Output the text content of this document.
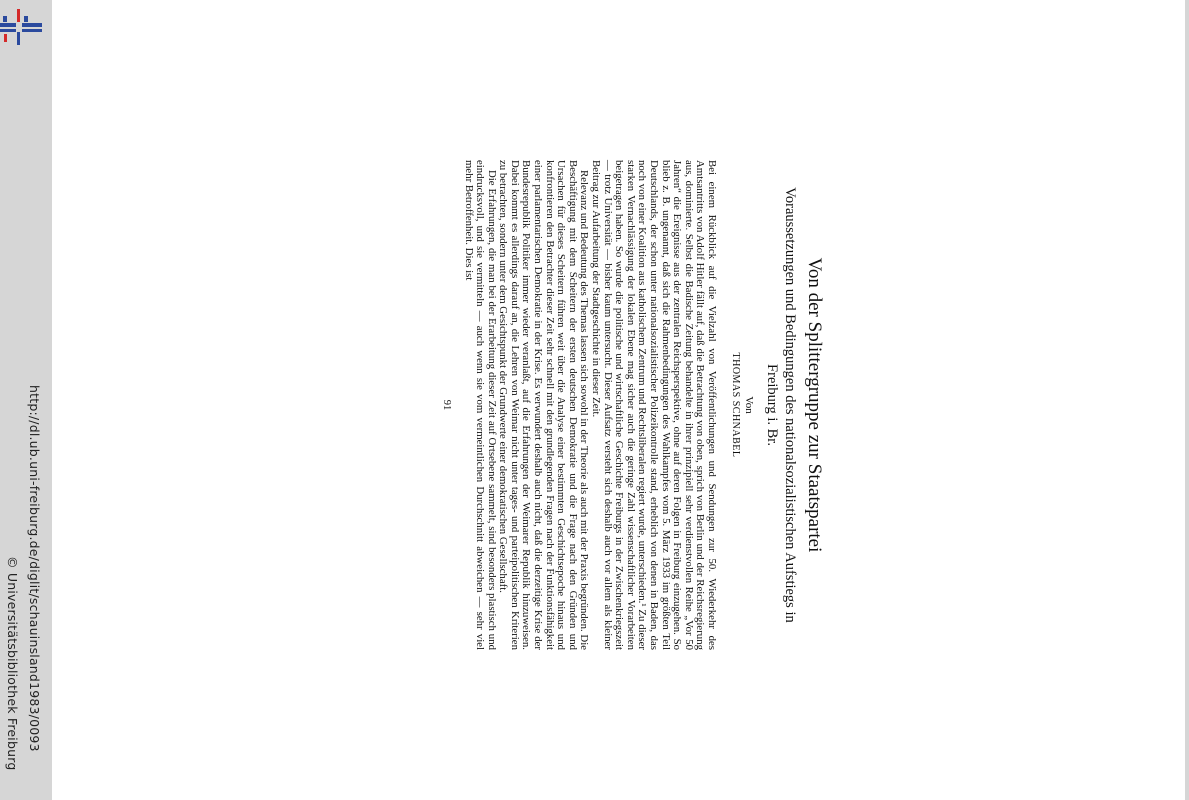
http://dl.ub.uni-freiburg.de/diglit/schauinsland1983/0093
© Universitätsbibliothek Freiburg
Von der Splittergruppe zur Staatspartei
Voraussetzungen und Bedingungen des nationalsozialistischen Aufstiegs in Freiburg i. Br.
Von
THOMAS SCHNABEL

Bei einem Rückblick auf die Vielzahl von Veröffentlichungen und Sendungen zur 50. Wiederkehr des Amtsantritts von Adolf Hitler fällt auf, daß die Betrachtung von oben, sprich von Berlin und der Reichsregierung aus, dominierte. Selbst die Badische Zeitung behandelte in ihrer prinzipiell sehr verdienstvollen Reihe „Vor 50 Jahren“ die Ereignisse aus der zentralen Reichsperspektive, ohne auf deren Folgen in Freiburg einzugehen. So blieb z. B. ungenannt, daß sich die Rahmenbedingungen des Wahlkampfes vom 5. März 1933 im größten Teil Deutschlands, der schon unter nationalsozialistischer Polizeikontrolle stand, erheblich von denen in Baden, das noch von einer Koalition aus katholischem Zentrum und Rechtsliberalen regiert wurde, unterschieden.¹ Zu dieser starken Vernachlässigung der lokalen Ebene mag sicher auch die geringe Zahl wissenschaftlicher Vorarbeiten beigetragen haben. So wurde die politische und wirtschaftliche Geschichte Freiburgs in der Zwischenkriegszeit — trotz Universität — bisher kaum untersucht. Dieser Aufsatz versteht sich deshalb auch vor allem als kleiner Beitrag zur Aufarbeitung der Stadtgeschichte in dieser Zeit.

Relevanz und Bedeutung des Themas lassen sich sowohl in der Theorie als auch mit der Praxis begründen. Die Beschäftigung mit dem Scheitern der ersten deutschen Demokratie und die Frage nach den Gründen und Ursachen für dieses Scheitern führen weit über die Analyse einer bestimmten Geschichtsepoche hinaus und konfrontieren den Betrachter dieser Zeit sehr schnell mit den grundlegenden Fragen nach der Funktionsfähigkeit einer parlamentarischen Demokratie in der Krise. Es verwundert deshalb auch nicht, daß die derzeitige Krise der Bundesrepublik Politiker immer wieder veranlaßt, auf die Erfahrungen der Weimarer Republik hinzuweisen. Dabei kommt es allerdings darauf an, die Lehren von Weimar nicht unter tages- und parteipolitischen Kriterien zu betrachten, sondern unter dem Gesichtspunkt der Grundwerte einer demokratischen Gesellschaft.

Die Erfahrungen, die man bei der Erarbeitung dieser Zeit auf Ortsebene sammelt, sind besonders plastisch und eindrucksvoll, und sie vermitteln — auch wenn sie vom vermeintlichen Durchschnitt abweichen — sehr viel mehr Betroffenheit. Dies ist

91
